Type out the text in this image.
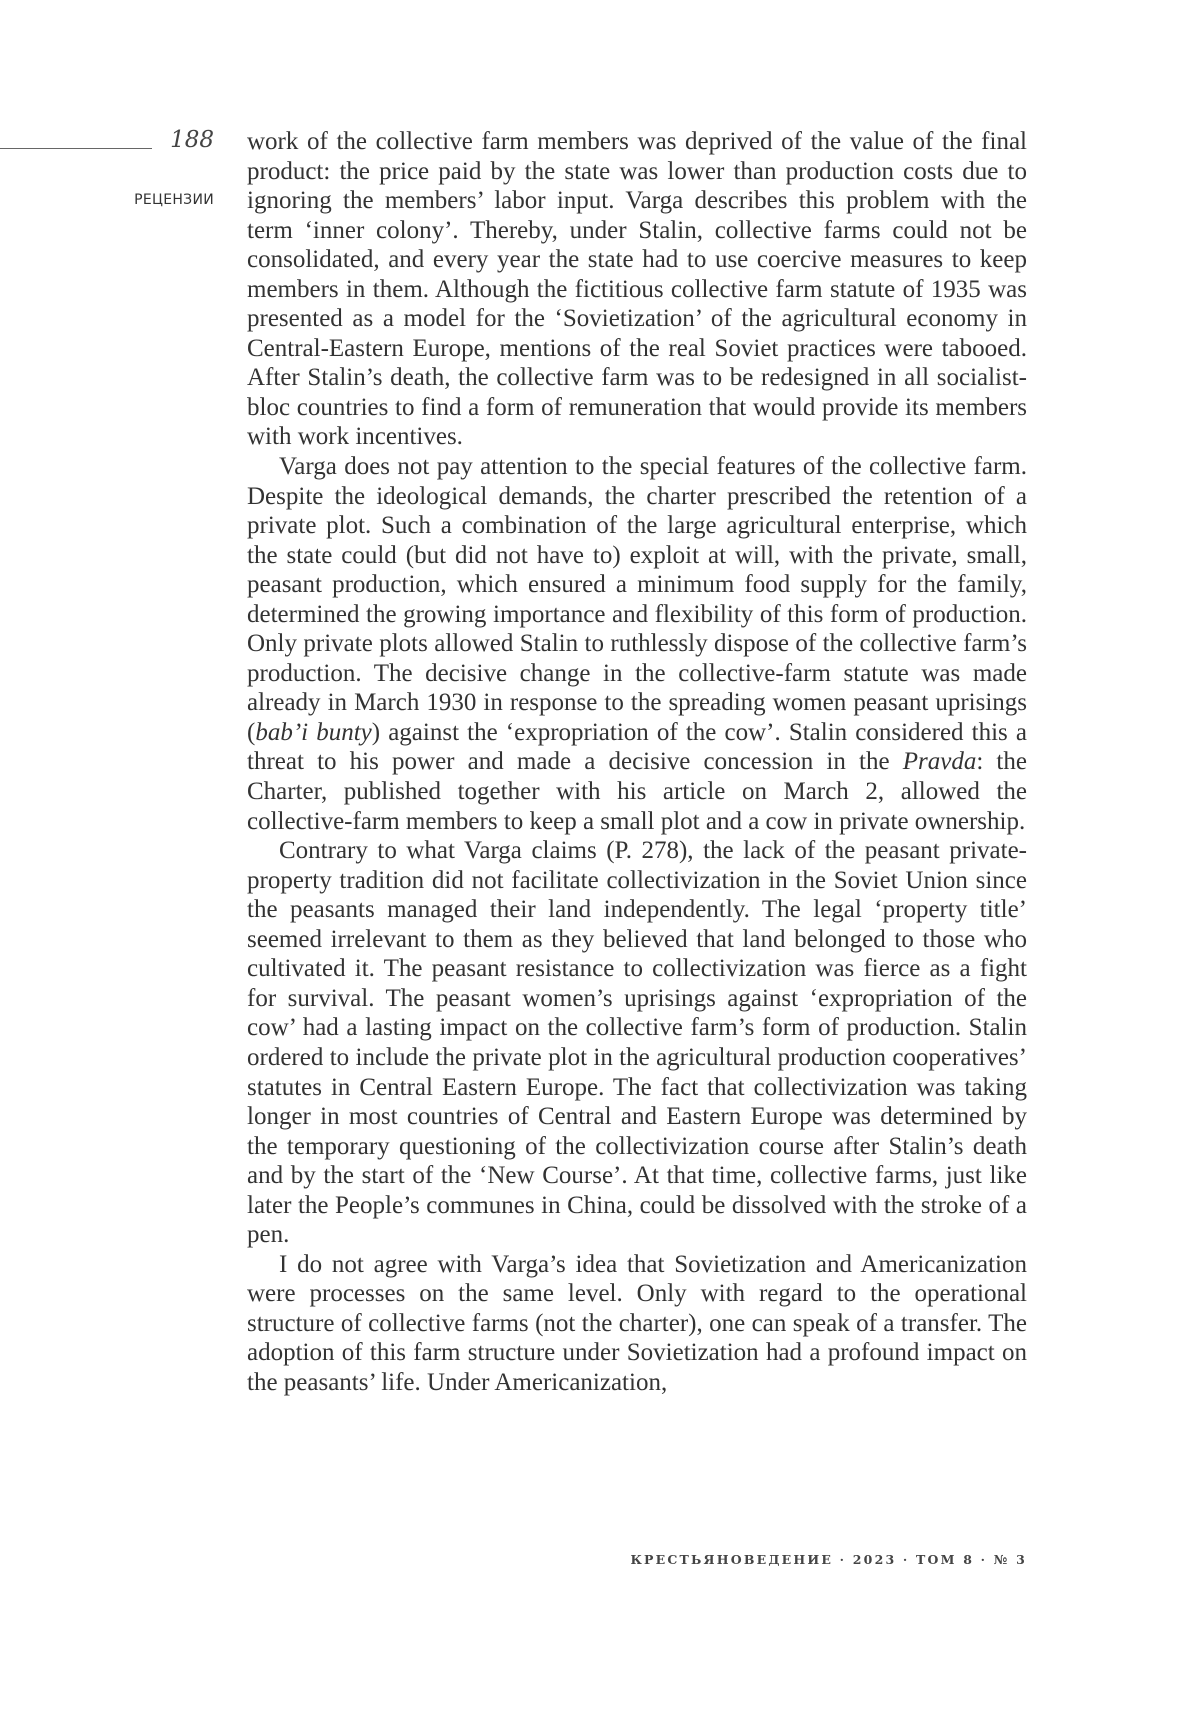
188
РЕЦЕНЗИИ

work of the collective farm members was deprived of the value of the final product: the price paid by the state was lower than production costs due to ignoring the members’ labor input. Varga describes this problem with the term ‘inner colony’. Thereby, under Stalin, collective farms could not be consolidated, and every year the state had to use coercive measures to keep members in them. Although the fictitious collective farm statute of 1935 was presented as a model for the ‘Sovietization’ of the agricultural economy in Central-Eastern Europe, mentions of the real Soviet practices were tabooed. After Stalin’s death, the collective farm was to be redesigned in all socialist-bloc countries to find a form of remuneration that would provide its members with work incentives.

Varga does not pay attention to the special features of the collective farm. Despite the ideological demands, the charter prescribed the retention of a private plot. Such a combination of the large agricultural enterprise, which the state could (but did not have to) exploit at will, with the private, small, peasant production, which ensured a minimum food supply for the family, determined the growing importance and flexibility of this form of production. Only private plots allowed Stalin to ruthlessly dispose of the collective farm’s production. The decisive change in the collective-farm statute was made already in March 1930 in response to the spreading women peasant uprisings (bab’i bunty) against the ‘expropriation of the cow’. Stalin considered this a threat to his power and made a decisive concession in the Pravda: the Charter, published together with his article on March 2, allowed the collective-farm members to keep a small plot and a cow in private ownership.

Contrary to what Varga claims (P. 278), the lack of the peasant private-property tradition did not facilitate collectivization in the Soviet Union since the peasants managed their land independently. The legal ‘property title’ seemed irrelevant to them as they believed that land belonged to those who cultivated it. The peasant resistance to collectivization was fierce as a fight for survival. The peasant women’s uprisings against ‘expropriation of the cow’ had a lasting impact on the collective farm’s form of production. Stalin ordered to include the private plot in the agricultural production cooperatives’ statutes in Central Eastern Europe. The fact that collectivization was taking longer in most countries of Central and Eastern Europe was determined by the temporary questioning of the collectivization course after Stalin’s death and by the start of the ‘New Course’. At that time, collective farms, just like later the People’s communes in China, could be dissolved with the stroke of a pen.

I do not agree with Varga’s idea that Sovietization and Americanization were processes on the same level. Only with regard to the operational structure of collective farms (not the charter), one can speak of a transfer. The adoption of this farm structure under Sovietization had a profound impact on the peasants’ life. Under Americanization,

КРЕСТЬЯНОВЕДЕНИЕ · 2023 · ТОМ 8 · № 3
